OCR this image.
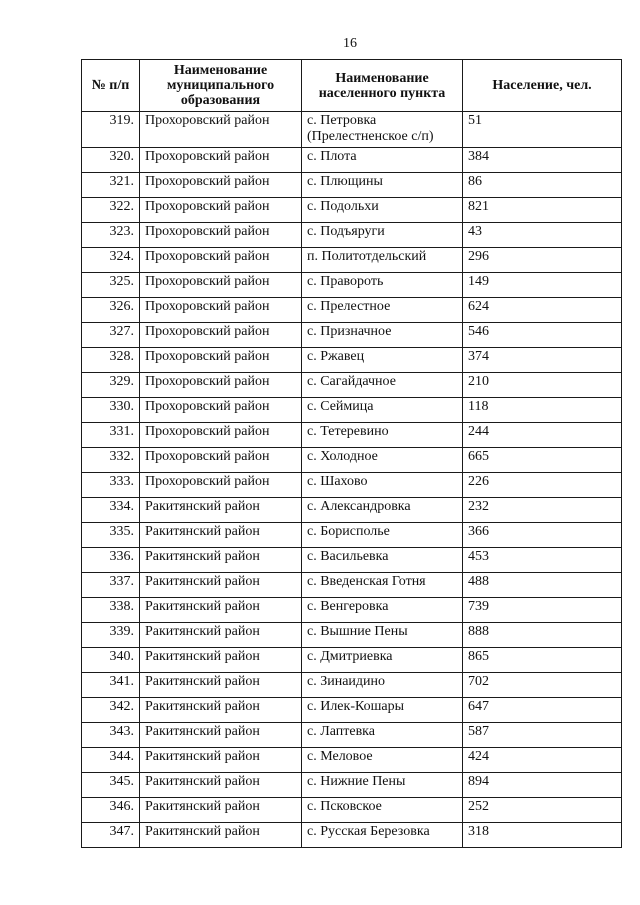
16
№ п/п	Наименование муниципального образования	Наименование населенного пункта	Население, чел.
319.	Прохоровский район	с. Петровка (Прелестненское с/п)	51
320.	Прохоровский район	с. Плота	384
321.	Прохоровский район	с. Плющины	86
322.	Прохоровский район	с. Подольхи	821
323.	Прохоровский район	с. Подъяруги	43
324.	Прохоровский район	п. Политотдельский	296
325.	Прохоровский район	с. Правороть	149
326.	Прохоровский район	с. Прелестное	624
327.	Прохоровский район	с. Призначное	546
328.	Прохоровский район	с. Ржавец	374
329.	Прохоровский район	с. Сагайдачное	210
330.	Прохоровский район	с. Сеймица	118
331.	Прохоровский район	с. Тетеревино	244
332.	Прохоровский район	с. Холодное	665
333.	Прохоровский район	с. Шахово	226
334.	Ракитянский район	с. Александровка	232
335.	Ракитянский район	с. Борисполье	366
336.	Ракитянский район	с. Васильевка	453
337.	Ракитянский район	с. Введенская Готня	488
338.	Ракитянский район	с. Венгеровка	739
339.	Ракитянский район	с. Вышние Пены	888
340.	Ракитянский район	с. Дмитриевка	865
341.	Ракитянский район	с. Зинаидино	702
342.	Ракитянский район	с. Илек-Кошары	647
343.	Ракитянский район	с. Лаптевка	587
344.	Ракитянский район	с. Меловое	424
345.	Ракитянский район	с. Нижние Пены	894
346.	Ракитянский район	с. Псковское	252
347.	Ракитянский район	с. Русская Березовка	318
